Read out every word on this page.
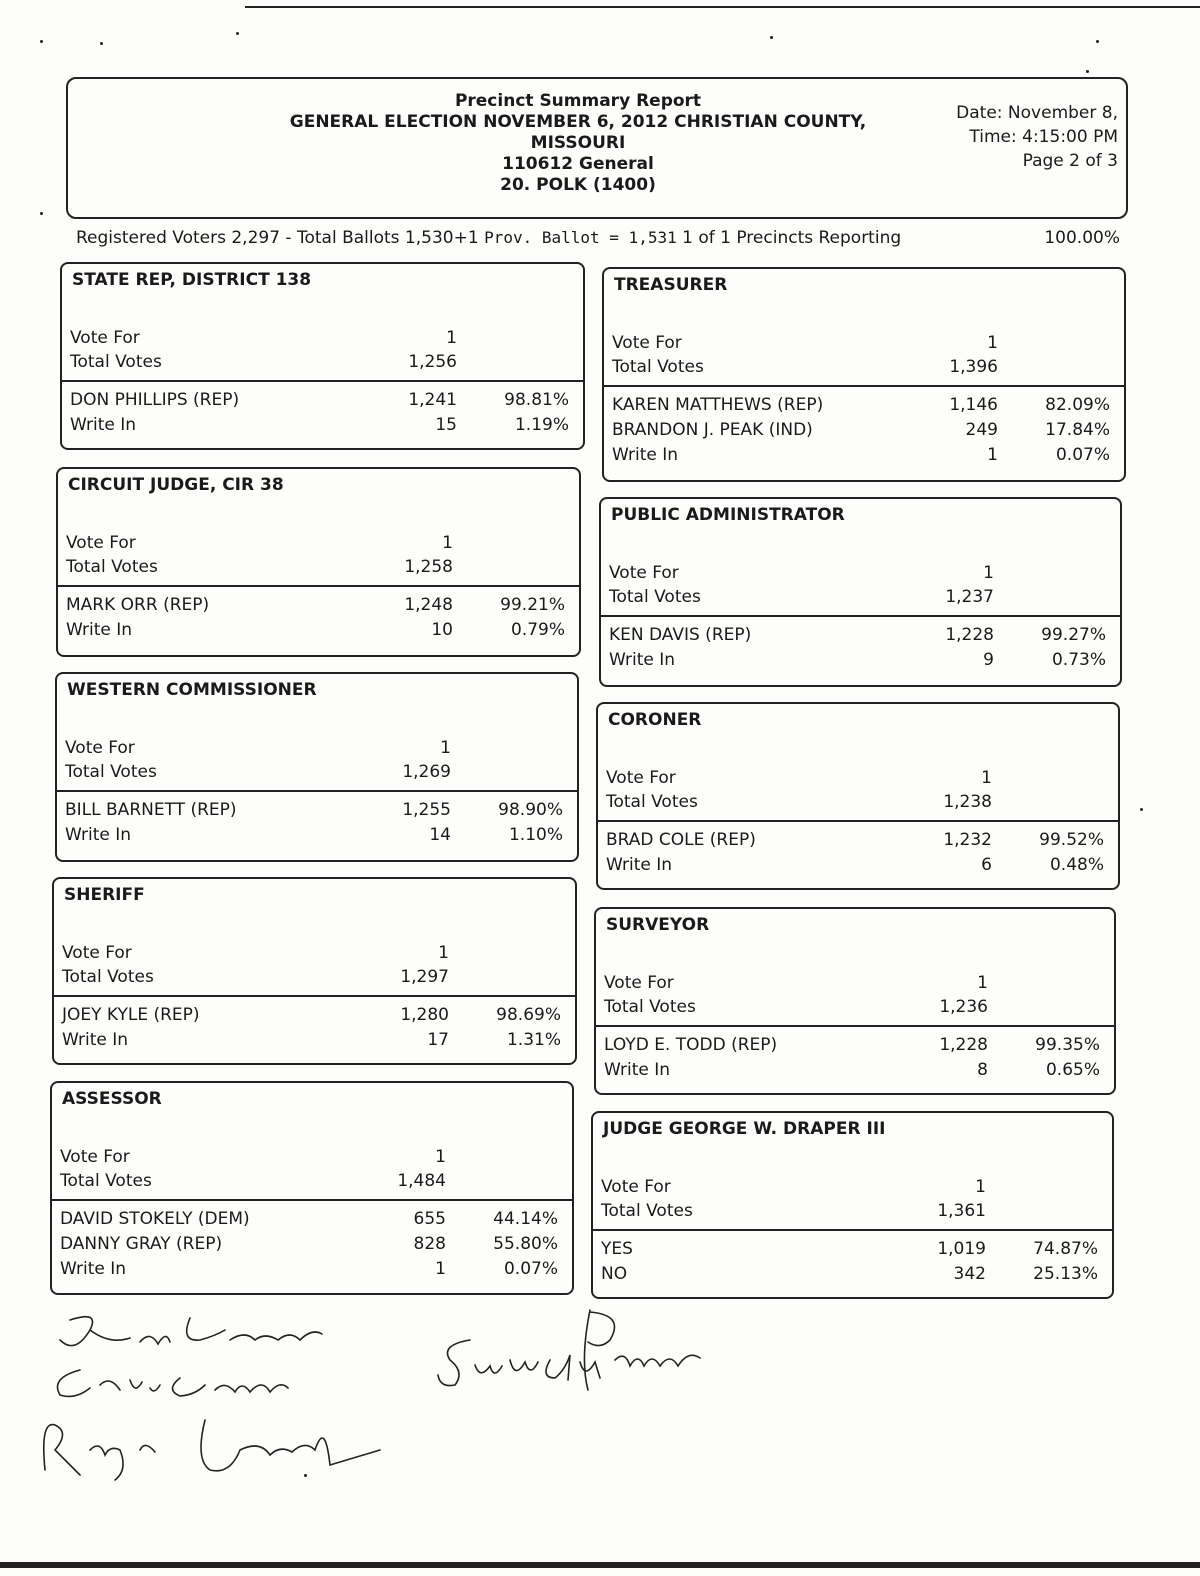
Precinct Summary Report
GENERAL ELECTION NOVEMBER 6, 2012 CHRISTIAN COUNTY,
MISSOURI
110612 General
20. POLK (1400)
Date: November 8,
Time: 4:15:00 PM
Page 2 of 3
Registered Voters 2,297 - Total Ballots 1,530+1 Prov. Ballot = 1,531 1 of 1 Precincts Reporting	100.00%
STATE REP, DISTRICT 138
Vote For	1
Total Votes	1,256
DON PHILLIPS (REP)	1,241	98.81%
Write In	15	1.19%
CIRCUIT JUDGE, CIR 38
Vote For	1
Total Votes	1,258
MARK ORR (REP)	1,248	99.21%
Write In	10	0.79%
WESTERN COMMISSIONER
Vote For	1
Total Votes	1,269
BILL BARNETT (REP)	1,255	98.90%
Write In	14	1.10%
SHERIFF
Vote For	1
Total Votes	1,297
JOEY KYLE (REP)	1,280	98.69%
Write In	17	1.31%
ASSESSOR
Vote For	1
Total Votes	1,484
DAVID STOKELY (DEM)	655	44.14%
DANNY GRAY (REP)	828	55.80%
Write In	1	0.07%
TREASURER
Vote For	1
Total Votes	1,396
KAREN MATTHEWS (REP)	1,146	82.09%
BRANDON J. PEAK (IND)	249	17.84%
Write In	1	0.07%
PUBLIC ADMINISTRATOR
Vote For	1
Total Votes	1,237
KEN DAVIS (REP)	1,228	99.27%
Write In	9	0.73%
CORONER
Vote For	1
Total Votes	1,238
BRAD COLE (REP)	1,232	99.52%
Write In	6	0.48%
SURVEYOR
Vote For	1
Total Votes	1,236
LOYD E. TODD (REP)	1,228	99.35%
Write In	8	0.65%
JUDGE GEORGE W. DRAPER III
Vote For	1
Total Votes	1,361
YES	1,019	74.87%
NO	342	25.13%
